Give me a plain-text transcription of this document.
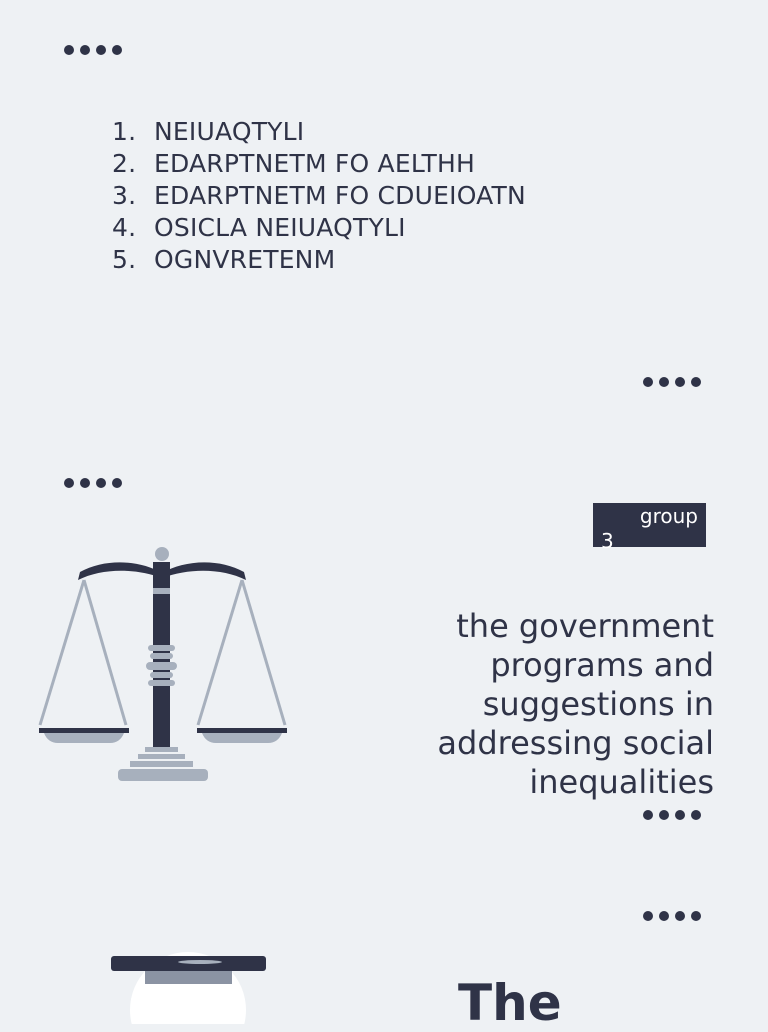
1. NEIUAQTYLI
2. EDARPTNETM FO AELTHH
3. EDARPTNETM FO CDUEIOATN
4. OSICLA NEIUAQTYLI
5. OGNVRETENM
group
3
the government programs and suggestions in addressing social inequalities
The
